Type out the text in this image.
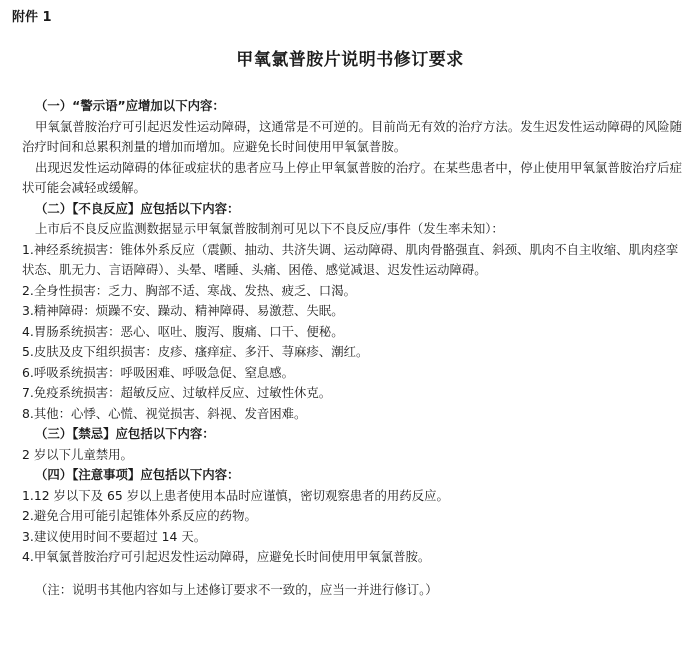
附件 1
甲氧氯普胺片说明书修订要求
（一）“警示语”应增加以下内容：
甲氧氯普胺治疗可引起迟发性运动障碍，这通常是不可逆的。目前尚无有效的治疗方法。发生迟发性运动障碍的风险随治疗时间和总累积剂量的增加而增加。应避免长时间使用甲氧氯普胺。
出现迟发性运动障碍的体征或症状的患者应马上停止甲氧氯普胺的治疗。在某些患者中，停止使用甲氧氯普胺治疗后症状可能会减轻或缓解。
（二）【不良反应】应包括以下内容：
上市后不良反应监测数据显示甲氧氯普胺制剂可见以下不良反应/事件（发生率未知）：
1.神经系统损害：锥体外系反应（震颤、抽动、共济失调、运动障碍、肌肉骨骼强直、斜颈、肌肉不自主收缩、肌肉痉挛状态、肌无力、言语障碍）、头晕、嗜睡、头痛、困倦、感觉减退、迟发性运动障碍。
2.全身性损害：乏力、胸部不适、寒战、发热、疲乏、口渴。
3.精神障碍：烦躁不安、躁动、精神障碍、易激惹、失眠。
4.胃肠系统损害：恶心、呕吐、腹泻、腹痛、口干、便秘。
5.皮肤及皮下组织损害：皮疹、瘙痒症、多汗、荨麻疹、潮红。
6.呼吸系统损害：呼吸困难、呼吸急促、窒息感。
7.免疫系统损害：超敏反应、过敏样反应、过敏性休克。
8.其他：心悸、心慌、视觉损害、斜视、发音困难。
（三）【禁忌】应包括以下内容：
2 岁以下儿童禁用。
（四）【注意事项】应包括以下内容：
1.12 岁以下及 65 岁以上患者使用本品时应谨慎，密切观察患者的用药反应。
2.避免合用可能引起锥体外系反应的药物。
3.建议使用时间不要超过 14 天。
4.甲氧氯普胺治疗可引起迟发性运动障碍，应避免长时间使用甲氧氯普胺。
（注：说明书其他内容如与上述修订要求不一致的，应当一并进行修订。）
